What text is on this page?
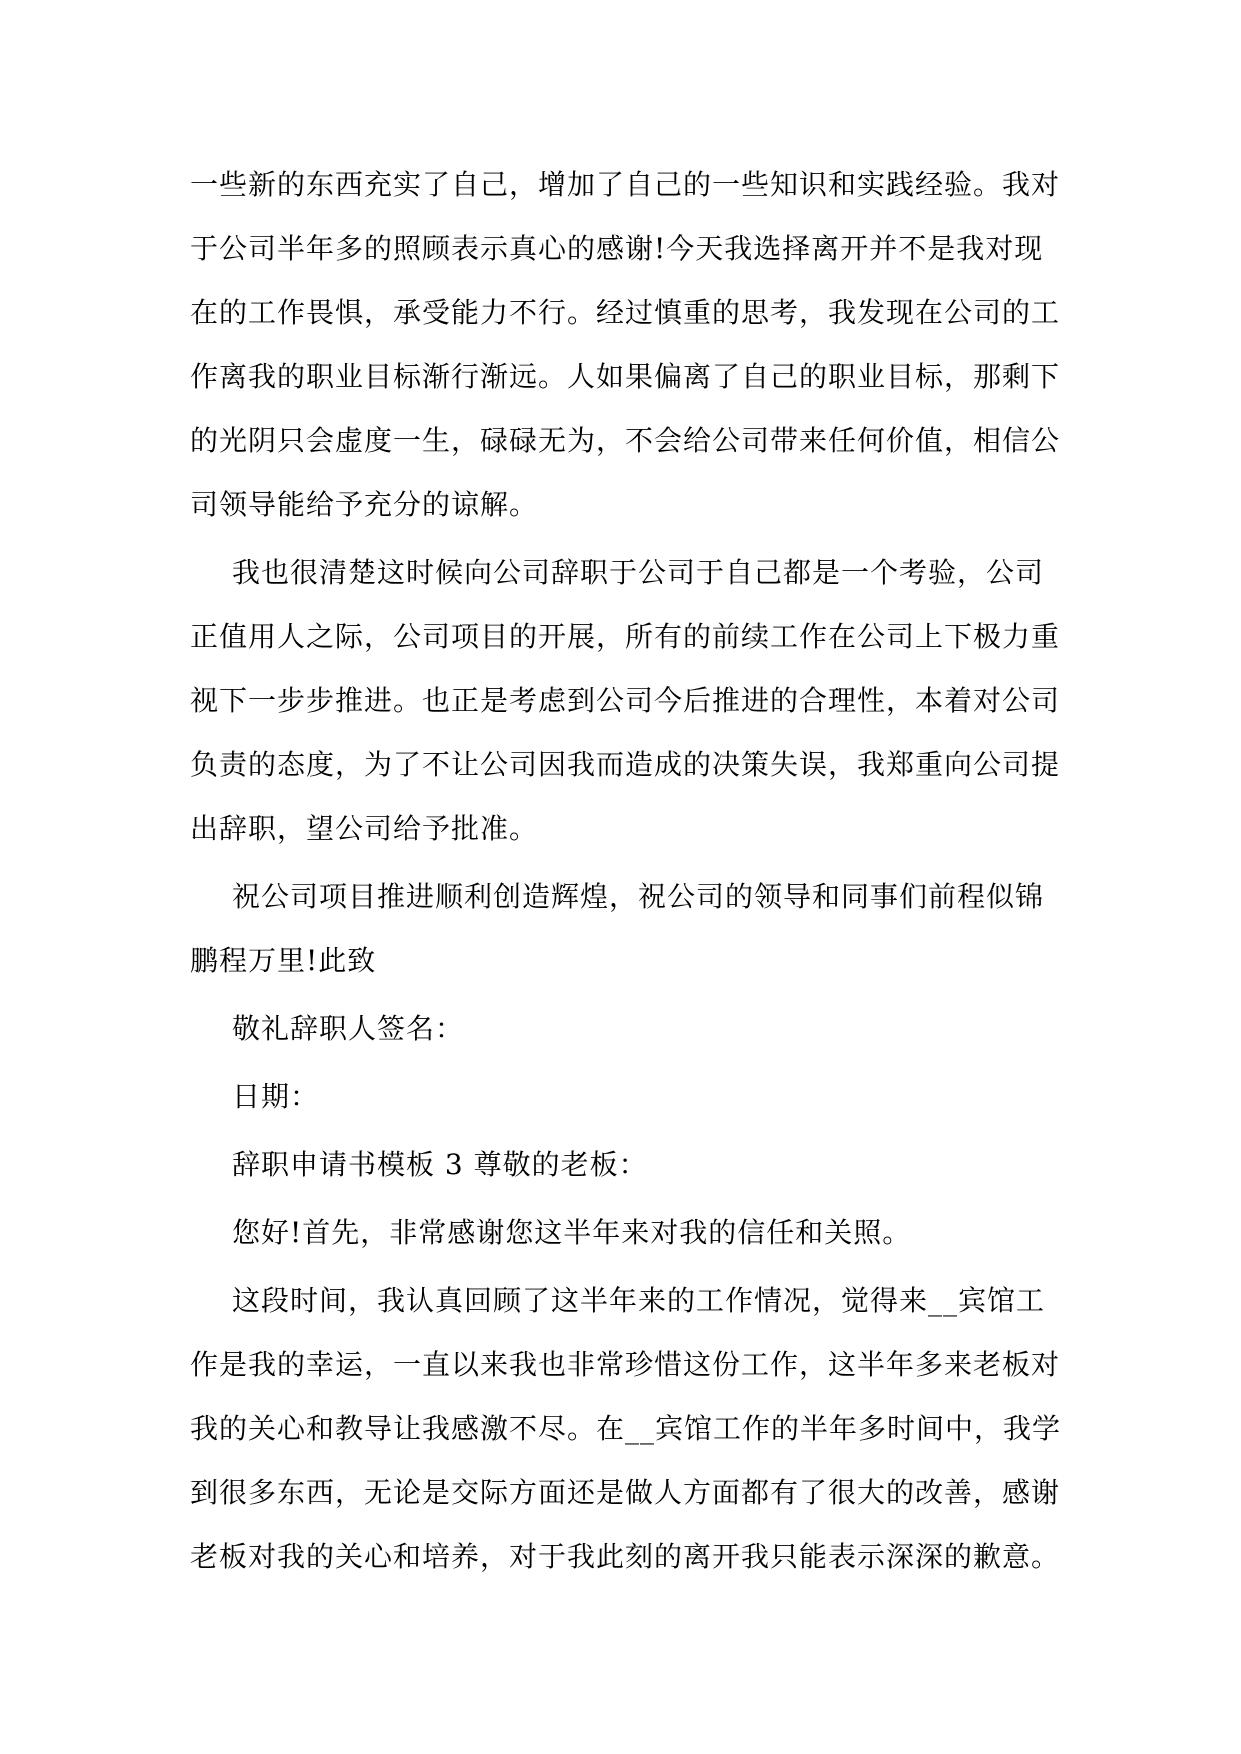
一些新的东西充实了自己，增加了自己的一些知识和实践经验。我对
于公司半年多的照顾表示真心的感谢!今天我选择离开并不是我对现
在的工作畏惧，承受能力不行。经过慎重的思考，我发现在公司的工
作离我的职业目标渐行渐远。人如果偏离了自己的职业目标，那剩下
的光阴只会虚度一生，碌碌无为，不会给公司带来任何价值，相信公
司领导能给予充分的谅解。

我也很清楚这时候向公司辞职于公司于自己都是一个考验，公司
正值用人之际，公司项目的开展，所有的前续工作在公司上下极力重
视下一步步推进。也正是考虑到公司今后推进的合理性，本着对公司
负责的态度，为了不让公司因我而造成的决策失误，我郑重向公司提
出辞职，望公司给予批准。

祝公司项目推进顺利创造辉煌，祝公司的领导和同事们前程似锦
鹏程万里!此致

敬礼辞职人签名：

日期：

辞职申请书模板 3 尊敬的老板：

您好!首先，非常感谢您这半年来对我的信任和关照。

这段时间，我认真回顾了这半年来的工作情况，觉得来__宾馆工
作是我的幸运，一直以来我也非常珍惜这份工作，这半年多来老板对
我的关心和教导让我感激不尽。在__宾馆工作的半年多时间中，我学
到很多东西，无论是交际方面还是做人方面都有了很大的改善，感谢
老板对我的关心和培养，对于我此刻的离开我只能表示深深的歉意。
